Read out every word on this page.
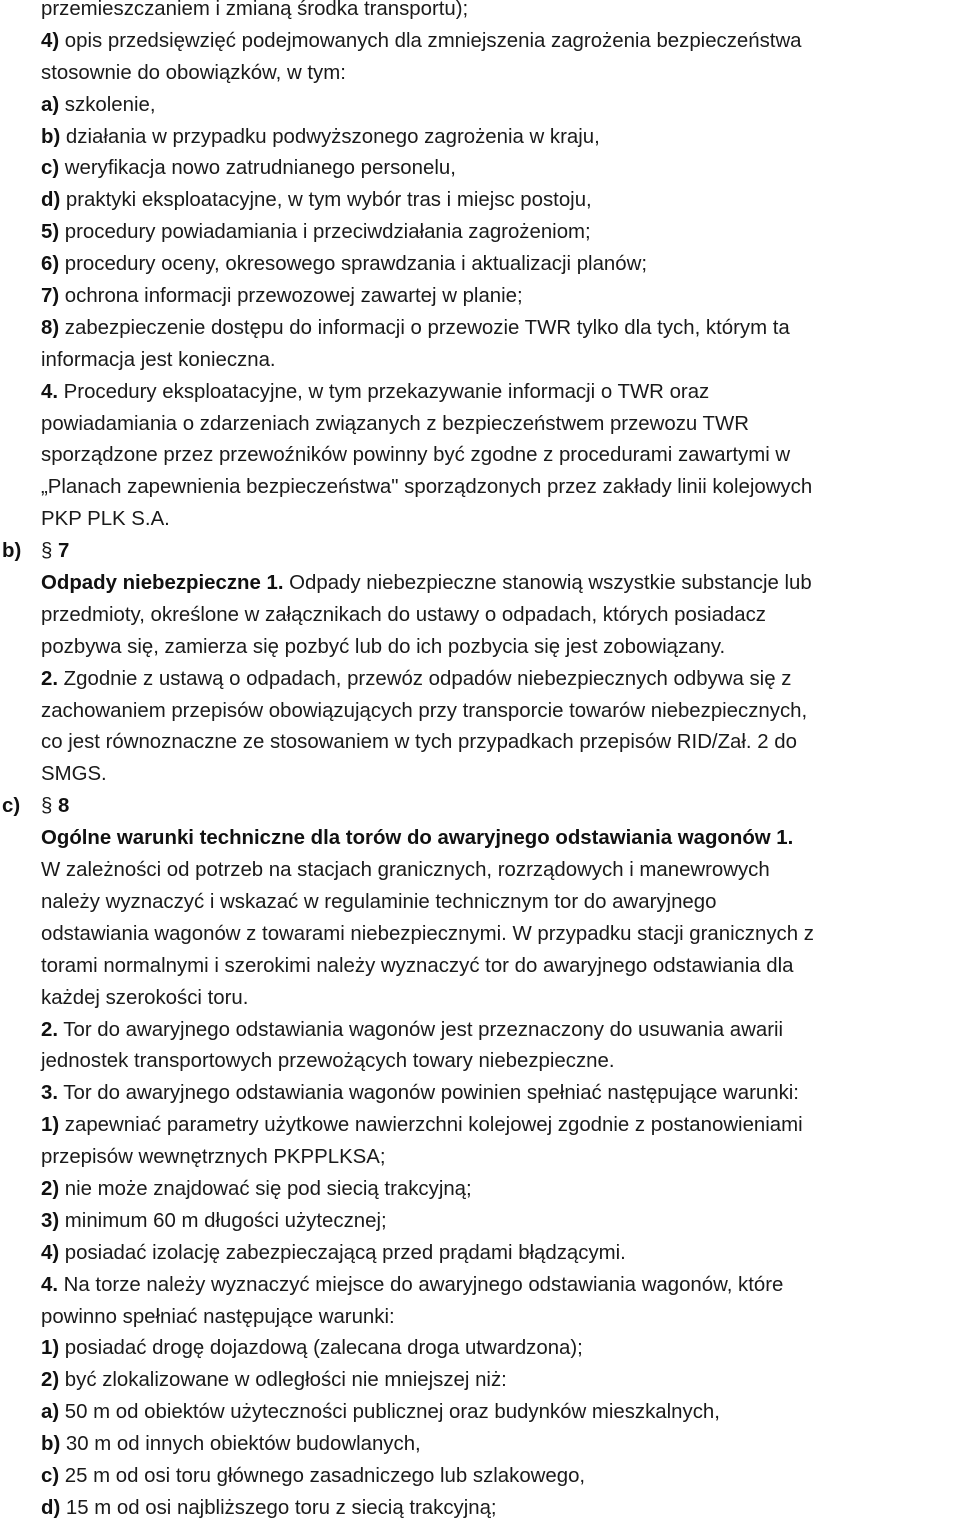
przemieszczaniem i zmianą środka transportu);
4) opis przedsięwzięć podejmowanych dla zmniejszenia zagrożenia bezpieczeństwa
stosownie do obowiązków, w tym:
a) szkolenie,
b) działania w przypadku podwyższonego zagrożenia w kraju,
c) weryfikacja nowo zatrudnianego personelu,
d) praktyki eksploatacyjne, w tym wybór tras i miejsc postoju,
5) procedury powiadamiania i przeciwdziałania zagrożeniom;
6) procedury oceny, okresowego sprawdzania i aktualizacji planów;
7) ochrona informacji przewozowej zawartej w planie;
8) zabezpieczenie dostępu do informacji o przewozie TWR tylko dla tych, którym ta
informacja jest konieczna.
4. Procedury eksploatacyjne, w tym przekazywanie informacji o TWR oraz
powiadamiania o zdarzeniach związanych z bezpieczeństwem przewozu TWR
sporządzone przez przewoźników powinny być zgodne z procedurami zawartymi w
„Planach zapewnienia bezpieczeństwa" sporządzonych przez zakłady linii kolejowych
PKP PLK S.A.
b) § 7
Odpady niebezpieczne 1. Odpady niebezpieczne stanowią wszystkie substancje lub
przedmioty, określone w załącznikach do ustawy o odpadach, których posiadacz
pozbywa się, zamierza się pozbyć lub do ich pozbycia się jest zobowiązany.
2. Zgodnie z ustawą o odpadach, przewóz odpadów niebezpiecznych odbywa się z
zachowaniem przepisów obowiązujących przy transporcie towarów niebezpiecznych,
co jest równoznaczne ze stosowaniem w tych przypadkach przepisów RID/Zał. 2 do
SMGS.
c) § 8
Ogólne warunki techniczne dla torów do awaryjnego odstawiania wagonów 1.
W zależności od potrzeb na stacjach granicznych, rozrządowych i manewrowych
należy wyznaczyć i wskazać w regulaminie technicznym tor do awaryjnego
odstawiania wagonów z towarami niebezpiecznymi. W przypadku stacji granicznych z
torami normalnymi i szerokimi należy wyznaczyć tor do awaryjnego odstawiania dla
każdej szerokości toru.
2. Tor do awaryjnego odstawiania wagonów jest przeznaczony do usuwania awarii
jednostek transportowych przewożących towary niebezpieczne.
3. Tor do awaryjnego odstawiania wagonów powinien spełniać następujące warunki:
1) zapewniać parametry użytkowe nawierzchni kolejowej zgodnie z postanowieniami
przepisów wewnętrznych PKPPLKSA;
2) nie może znajdować się pod siecią trakcyjną;
3) minimum 60 m długości użytecznej;
4) posiadać izolację zabezpieczającą przed prądami błądzącymi.
4. Na torze należy wyznaczyć miejsce do awaryjnego odstawiania wagonów, które
powinno spełniać następujące warunki:
1) posiadać drogę dojazdową (zalecana droga utwardzona);
2) być zlokalizowane w odległości nie mniejszej niż:
a) 50 m od obiektów użyteczności publicznej oraz budynków mieszkalnych,
b) 30 m od innych obiektów budowlanych,
c) 25 m od osi toru głównego zasadniczego lub szlakowego,
d) 15 m od osi najbliższego toru z siecią trakcyjną;
